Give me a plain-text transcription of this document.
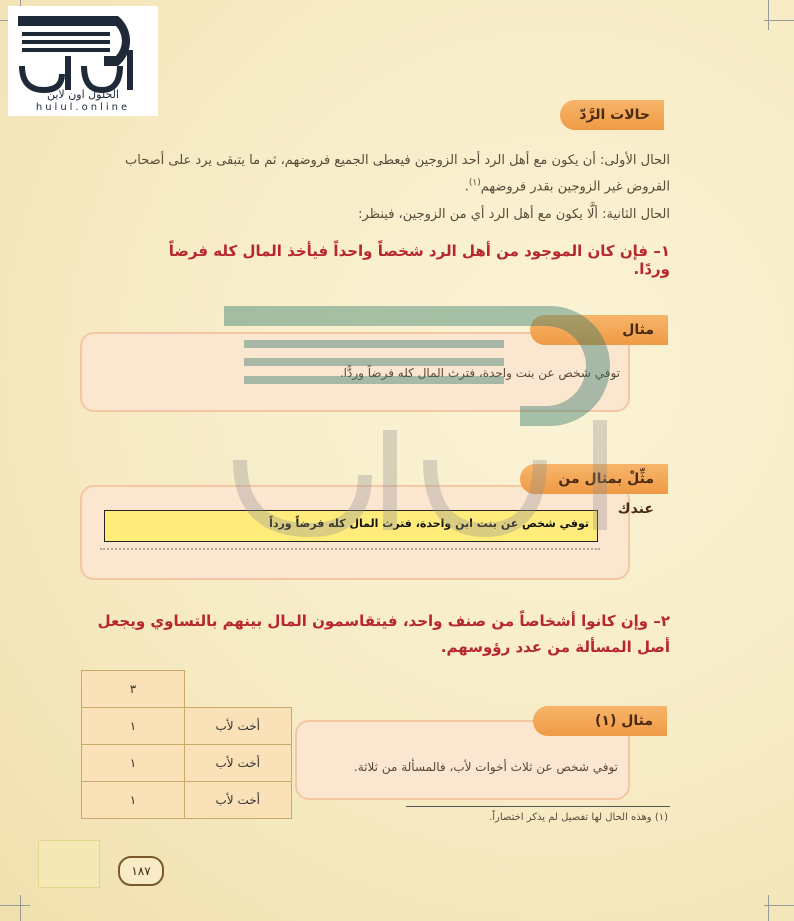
الحلول اون لاين
hulul.online	حالات الرَّدّ
الحال الأولى: أن يكون مع أهل الرد أحد الزوجين فيعطى الجميع فروضهم، ثم ما يتبقى يرد على أصحاب الفروض غير الزوجين بقدر فروضهم$^{(١)}$.
الحال الثانية: ألَّا يكون مع أهل الرد أي من الزوجين، فينظر:
١– فإن كان الموجود من أهل الرد شخصاً واحداً فيأخذ المال كله فرضاً وردًا.
مثال
توفي شخص عن بنت واحدة، فترث المال كله فرضاً وردًّا.
مثِّلْ بمثال من عندك
توفي شخص عن بنت ابن واحدة، فترث المال كله فرضاً ورداً
٢– وإن كانوا أشخاصاً من صنف واحد، فيتقاسمون المال بينهم بالتساوي ويجعل أصل المسألة من عدد رؤوسهم.
٣	
١	أخت لأب
١	أخت لأب
١	أخت لأب
مثال (١)
توفي شخص عن ثلاث أخوات لأب، فالمسألة من ثلاثة.
(١) وهذه الحال لها تفصيل لم يذكر اختصاراً.
١٨٧
